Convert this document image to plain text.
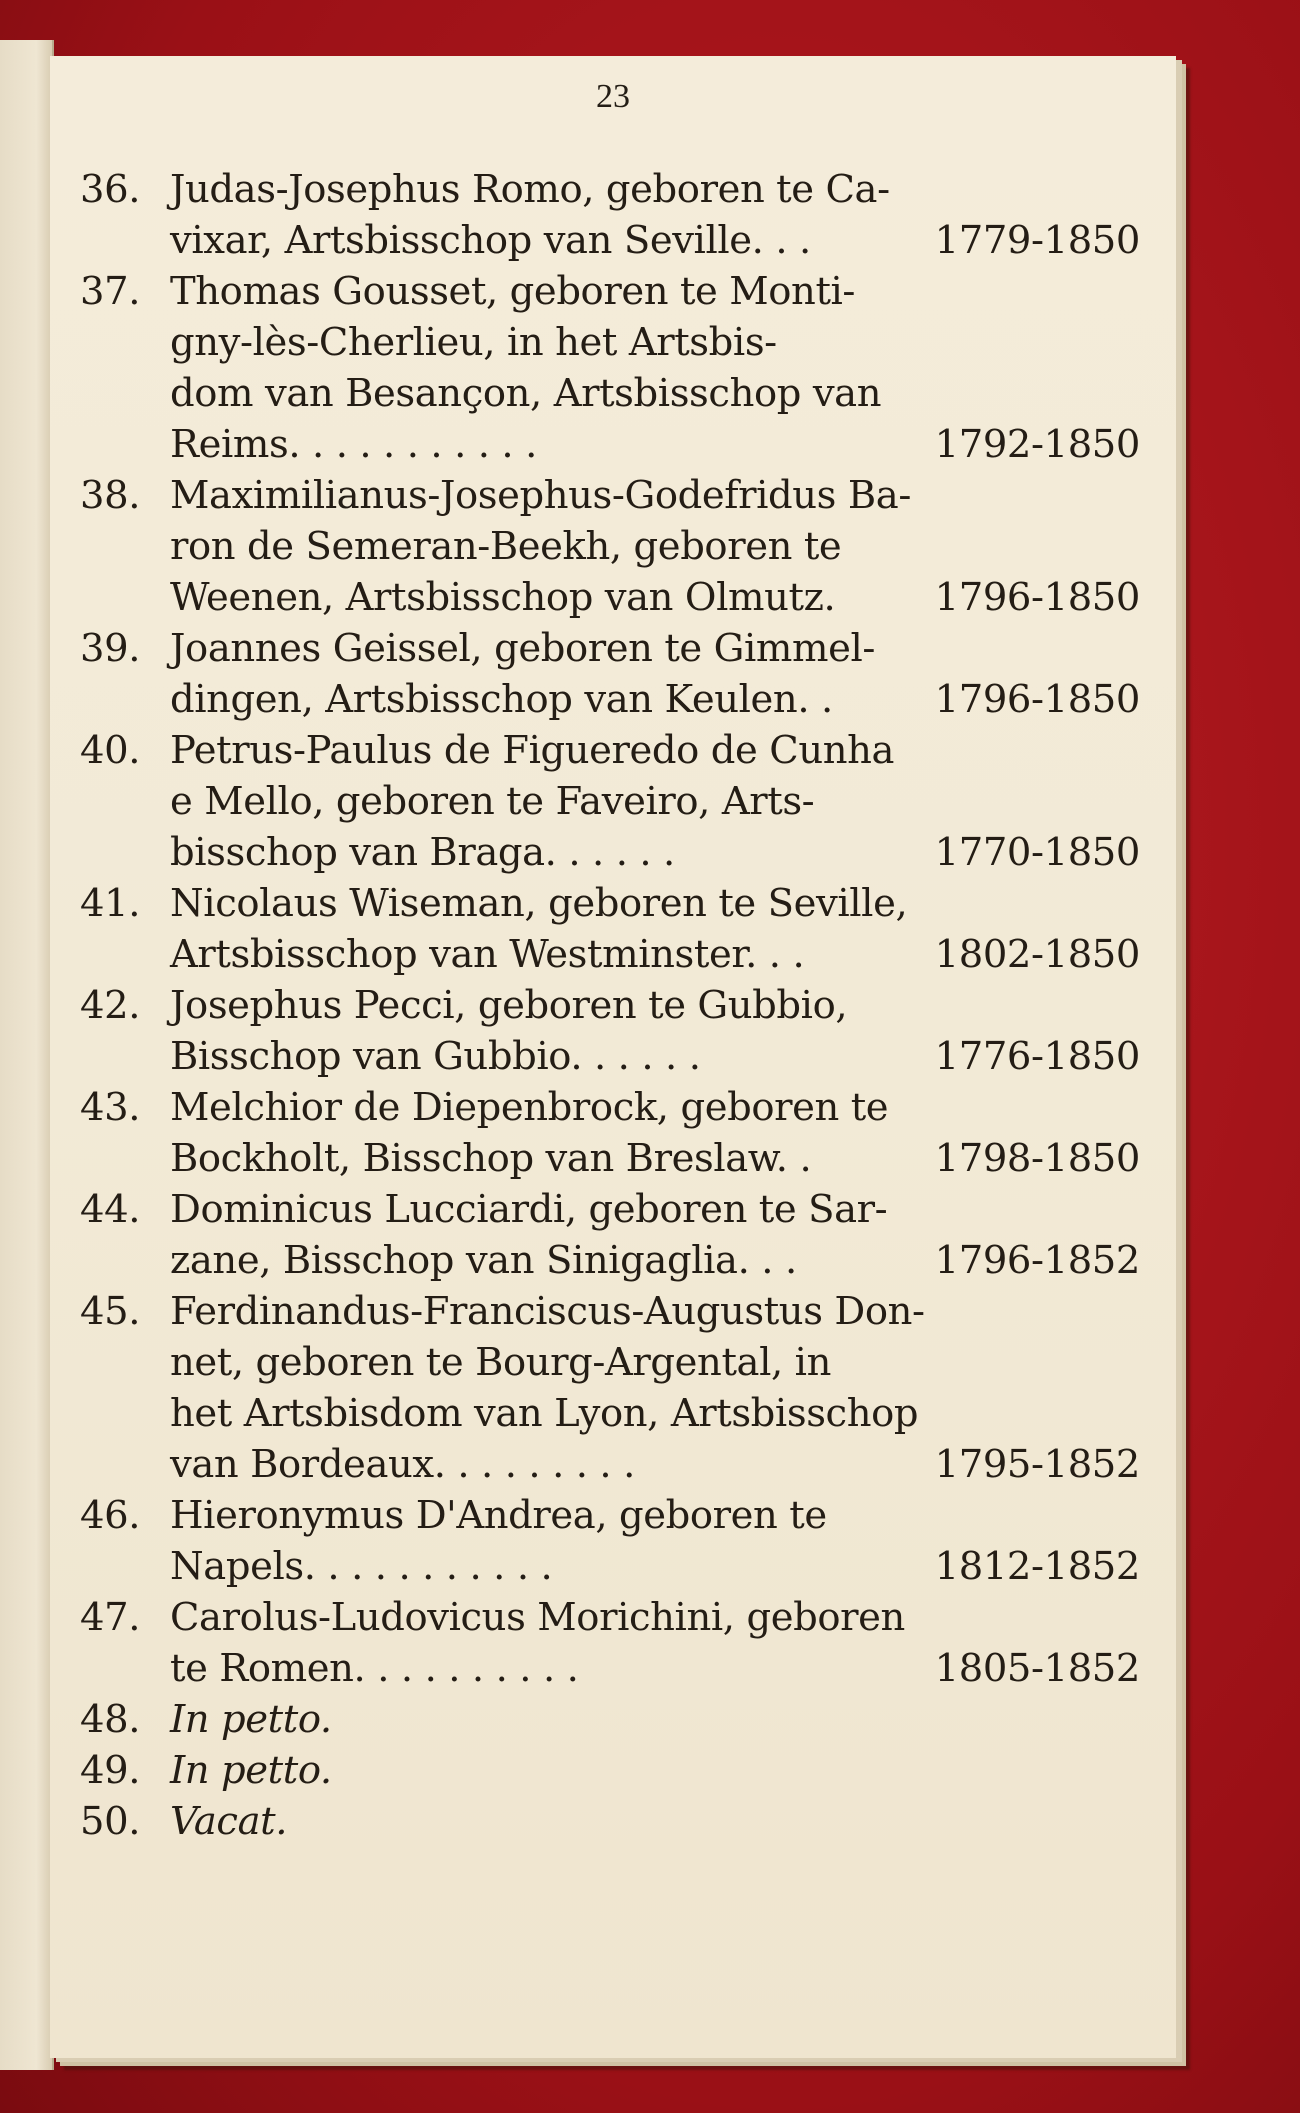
23
36. Judas-Josephus Romo, geboren te Ca-
vixar, Artsbisschop van Seville. . .	1779-1850
37. Thomas Gousset, geboren te Monti-
gny-lès-Cherlieu, in het Artsbis-
dom van Besançon, Artsbisschop van
Reims. . . . . . . . . . .	1792-1850
38. Maximilianus-Josephus-Godefridus Ba-
ron de Semeran-Beekh, geboren te
Weenen, Artsbisschop van Olmutz.	1796-1850
39. Joannes Geissel, geboren te Gimmel-
dingen, Artsbisschop van Keulen. .	1796-1850
40. Petrus-Paulus de Figueredo de Cunha
e Mello, geboren te Faveiro, Arts-
bisschop van Braga. . . . . .	1770-1850
41. Nicolaus Wiseman, geboren te Seville,
Artsbisschop van Westminster. . .	1802-1850
42. Josephus Pecci, geboren te Gubbio,
Bisschop van Gubbio. . . . . .	1776-1850
43. Melchior de Diepenbrock, geboren te
Bockholt, Bisschop van Breslaw. .	1798-1850
44. Dominicus Lucciardi, geboren te Sar-
zane, Bisschop van Sinigaglia. . .	1796-1852
45. Ferdinandus-Franciscus-Augustus Don-
net, geboren te Bourg-Argental, in
het Artsbisdom van Lyon, Artsbisschop
van Bordeaux. . . . . . . . .	1795-1852
46. Hieronymus D'Andrea, geboren te
Napels. . . . . . . . . . .	1812-1852
47. Carolus-Ludovicus Morichini, geboren
te Romen. . . . . . . . . .	1805-1852
48. In petto.
49. In petto.
50. Vacat.
